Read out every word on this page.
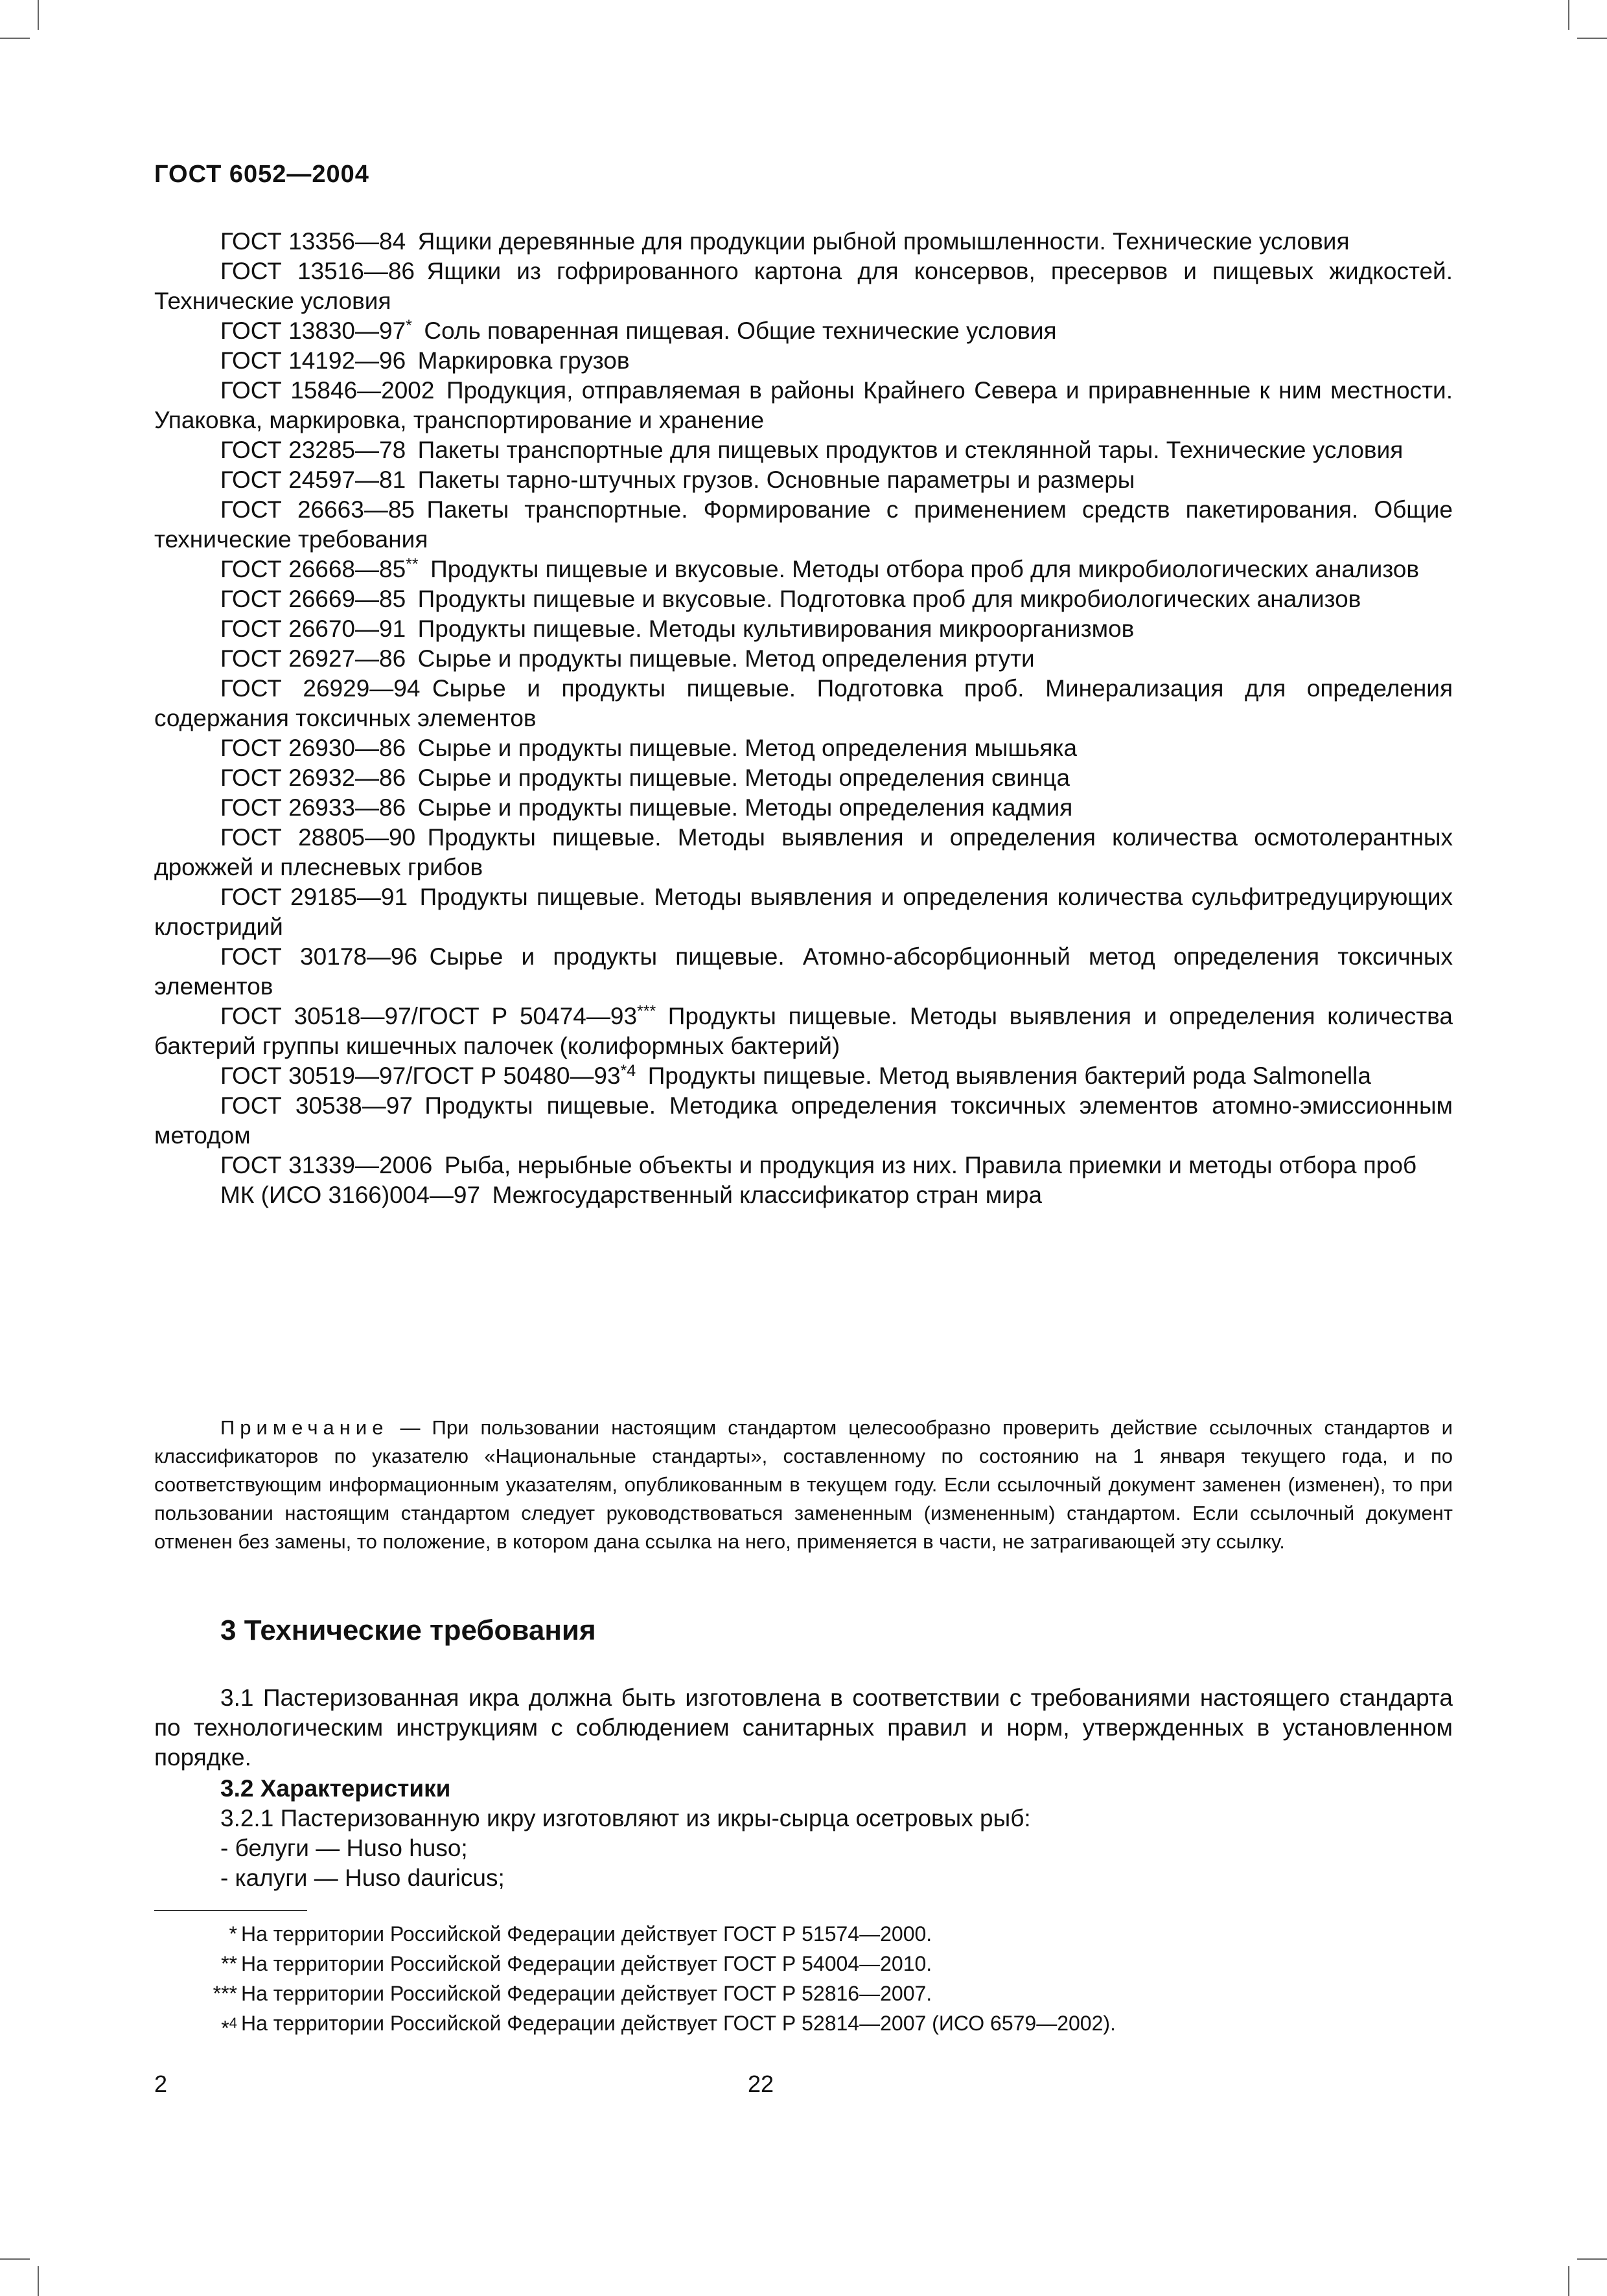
ГОСТ 6052—2004

ГОСТ 13356—84  Ящики деревянные для продукции рыбной промышленности. Технические условия

ГОСТ 13516—86  Ящики из гофрированного картона для консервов, пресервов и пищевых жидкостей. Технические условия

ГОСТ 13830—97*  Соль поваренная пищевая. Общие технические условия

ГОСТ 14192—96  Маркировка грузов

ГОСТ 15846—2002  Продукция, отправляемая в районы Крайнего Севера и приравненные к ним местности. Упаковка, маркировка, транспортирование и хранение

ГОСТ 23285—78  Пакеты транспортные для пищевых продуктов и стеклянной тары. Технические условия

ГОСТ 24597—81  Пакеты тарно-штучных грузов. Основные параметры и размеры

ГОСТ 26663—85  Пакеты транспортные. Формирование с применением средств пакетирования. Общие технические требования

ГОСТ 26668—85**  Продукты пищевые и вкусовые. Методы отбора проб для микробиологических анализов

ГОСТ 26669—85  Продукты пищевые и вкусовые. Подготовка проб для микробиологических анализов

ГОСТ 26670—91  Продукты пищевые. Методы культивирования микроорганизмов

ГОСТ 26927—86  Сырье и продукты пищевые. Метод определения ртути

ГОСТ 26929—94  Сырье и продукты пищевые. Подготовка проб. Минерализация для определения содержания токсичных элементов

ГОСТ 26930—86  Сырье и продукты пищевые. Метод определения мышьяка

ГОСТ 26932—86  Сырье и продукты пищевые. Методы определения свинца

ГОСТ 26933—86  Сырье и продукты пищевые. Методы определения кадмия

ГОСТ 28805—90  Продукты пищевые. Методы выявления и определения количества осмотолерантных дрожжей и плесневых грибов

ГОСТ 29185—91  Продукты пищевые. Методы выявления и определения количества сульфитредуцирующих клостридий

ГОСТ 30178—96  Сырье и продукты пищевые. Атомно-абсорбционный метод определения токсичных элементов

ГОСТ 30518—97/ГОСТ Р 50474—93***  Продукты пищевые. Методы выявления и определения количества бактерий группы кишечных палочек (колиформных бактерий)

ГОСТ 30519—97/ГОСТ Р 50480—93$^{*4}$  Продукты пищевые. Метод выявления бактерий рода Salmonella

ГОСТ 30538—97  Продукты пищевые. Методика определения токсичных элементов атомно-эмиссионным методом

ГОСТ 31339—2006  Рыба, нерыбные объекты и продукция из них. Правила приемки и методы отбора проб

МК (ИСО 3166)004—97  Межгосударственный классификатор стран мира

Примечание — При пользовании настоящим стандартом целесообразно проверить действие ссылочных стандартов и классификаторов по указателю «Национальные стандарты», составленному по состоянию на 1 января текущего года, и по соответствующим информационным указателям, опубликованным в текущем году. Если ссылочный документ заменен (изменен), то при пользовании настоящим стандартом следует руководствоваться замененным (измененным) стандартом. Если ссылочный документ отменен без замены, то положение, в котором дана ссылка на него, применяется в части, не затрагивающей эту ссылку.
3 Технические требования
3.1 Пастеризованная икра должна быть изготовлена в соответствии с требованиями настоящего стандарта по технологическим инструкциям с соблюдением санитарных правил и норм, утвержденных в установленном порядке.
3.2 Характеристики
3.2.1 Пастеризованную икру изготовляют из икры-сырца осетровых рыб:
- белуги — Huso huso;
- калуги — Huso dauricus;
* На территории Российской Федерации действует ГОСТ Р 51574—2000.
** На территории Российской Федерации действует ГОСТ Р 54004—2010.
*** На территории Российской Федерации действует ГОСТ Р 52816—2007.
*$^4$ На территории Российской Федерации действует ГОСТ Р 52814—2007 (ИСО 6579—2002).
2	22
